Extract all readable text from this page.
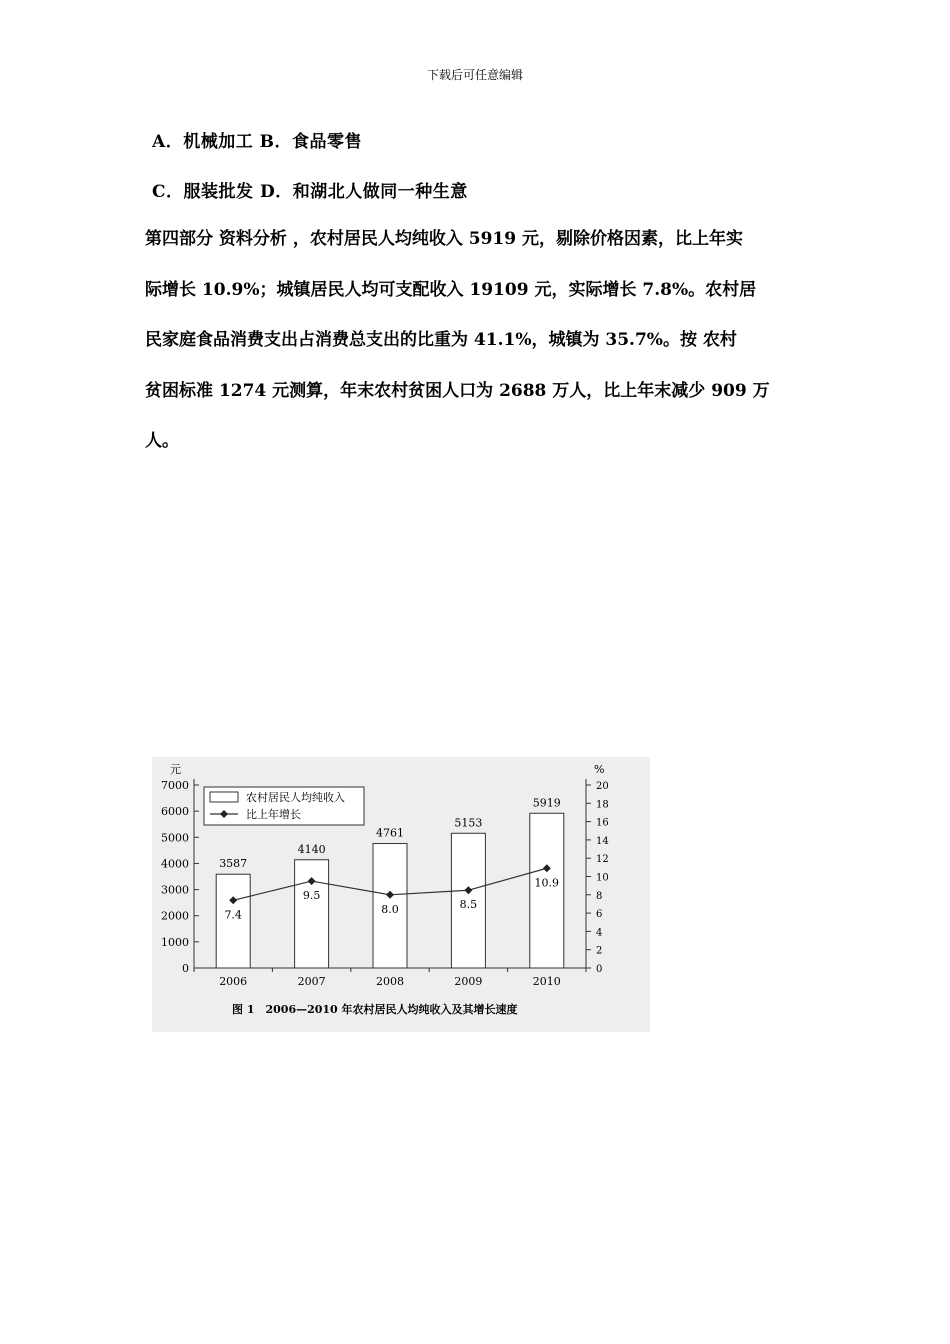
下载后可任意编辑
A．机械加工 B．食品零售
C．服装批发 D．和湖北人做同一种生意

第四部分 资料分析 ，农村居民人均纯收入 5919 元，剔除价格因素，比上年实

际增长 10.9%；城镇居民人均可支配收入 19109 元，实际增长 7.8%。农村居

民家庭食品消费支出占消费总支出的比重为 41.1%，城镇为 35.7%。按 农村

贫困标准 1274 元测算，年末农村贫困人口为 2688 万人，比上年末减少 909 万

人。

元	%
0
1000
2000
3000
4000
5000
6000
7000
0
2
4
6
8
10
12
14
16
18
20
2006	2007	2008	2009	2010
3587
4140
4761
5153
5919
7.4
9.5
8.0	8.5
10.9
农村居民人均纯收入
比上年增长
图 1　2006—2010 年农村居民人均纯收入及其增长速度
